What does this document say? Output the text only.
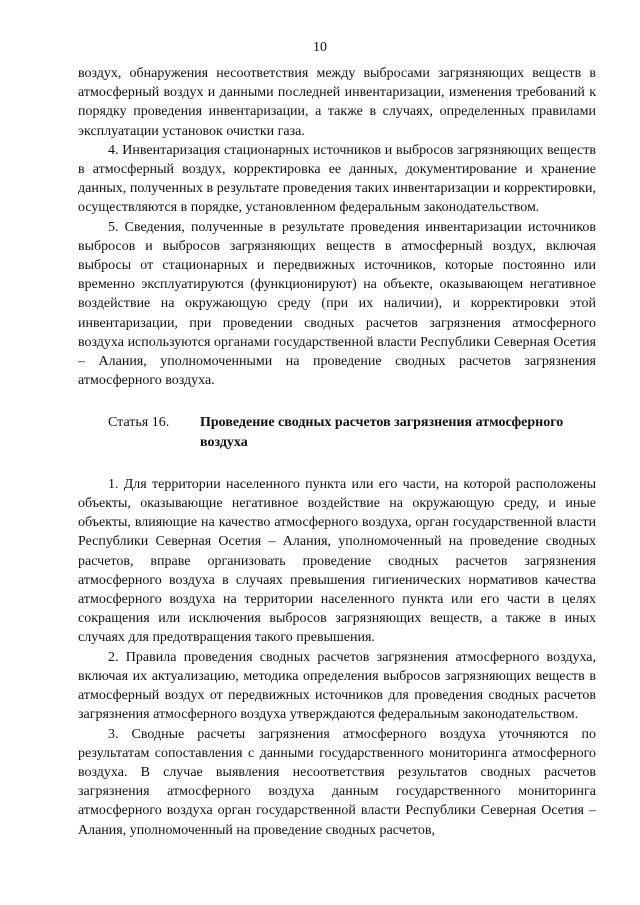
10

воздух, обнаружения несоответствия между выбросами загрязняющих веществ в атмосферный воздух и данными последней инвентаризации, изменения требований к порядку проведения инвентаризации, а также в случаях, определенных правилами эксплуатации установок очистки газа.

4. Инвентаризация стационарных источников и выбросов загрязняющих веществ в атмосферный воздух, корректировка ее данных, документирование и хранение данных, полученных в результате проведения таких инвентаризации и корректировки, осуществляются в порядке, установленном федеральным законодательством.

5. Сведения, полученные в результате проведения инвентаризации источников выбросов и выбросов загрязняющих веществ в атмосферный воздух, включая выбросы от стационарных и передвижных источников, которые постоянно или временно эксплуатируются (функционируют) на объекте, оказывающем негативное воздействие на окружающую среду (при их наличии), и корректировки этой инвентаризации, при проведении сводных расчетов загрязнения атмосферного воздуха используются органами государственной власти Республики Северная Осетия – Алания, уполномоченными на проведение сводных расчетов загрязнения атмосферного воздуха.

Статья 16.	Проведение сводных расчетов загрязнения атмосферного воздуха

1. Для территории населенного пункта или его части, на которой расположены объекты, оказывающие негативное воздействие на окружающую среду, и иные объекты, влияющие на качество атмосферного воздуха, орган государственной власти Республики Северная Осетия – Алания, уполномоченный на проведение сводных расчетов, вправе организовать проведение сводных расчетов загрязнения атмосферного воздуха в случаях превышения гигиенических нормативов качества атмосферного воздуха на территории населенного пункта или его части в целях сокращения или исключения выбросов загрязняющих веществ, а также в иных случаях для предотвращения такого превышения.

2. Правила проведения сводных расчетов загрязнения атмосферного воздуха, включая их актуализацию, методика определения выбросов загрязняющих веществ в атмосферный воздух от передвижных источников для проведения сводных расчетов загрязнения атмосферного воздуха утверждаются федеральным законодательством.

3. Сводные расчеты загрязнения атмосферного воздуха уточняются по результатам сопоставления с данными государственного мониторинга атмосферного воздуха. В случае выявления несоответствия результатов сводных расчетов загрязнения атмосферного воздуха данным государственного мониторинга атмосферного воздуха орган государственной власти Республики Северная Осетия – Алания, уполномоченный на проведение сводных расчетов,
